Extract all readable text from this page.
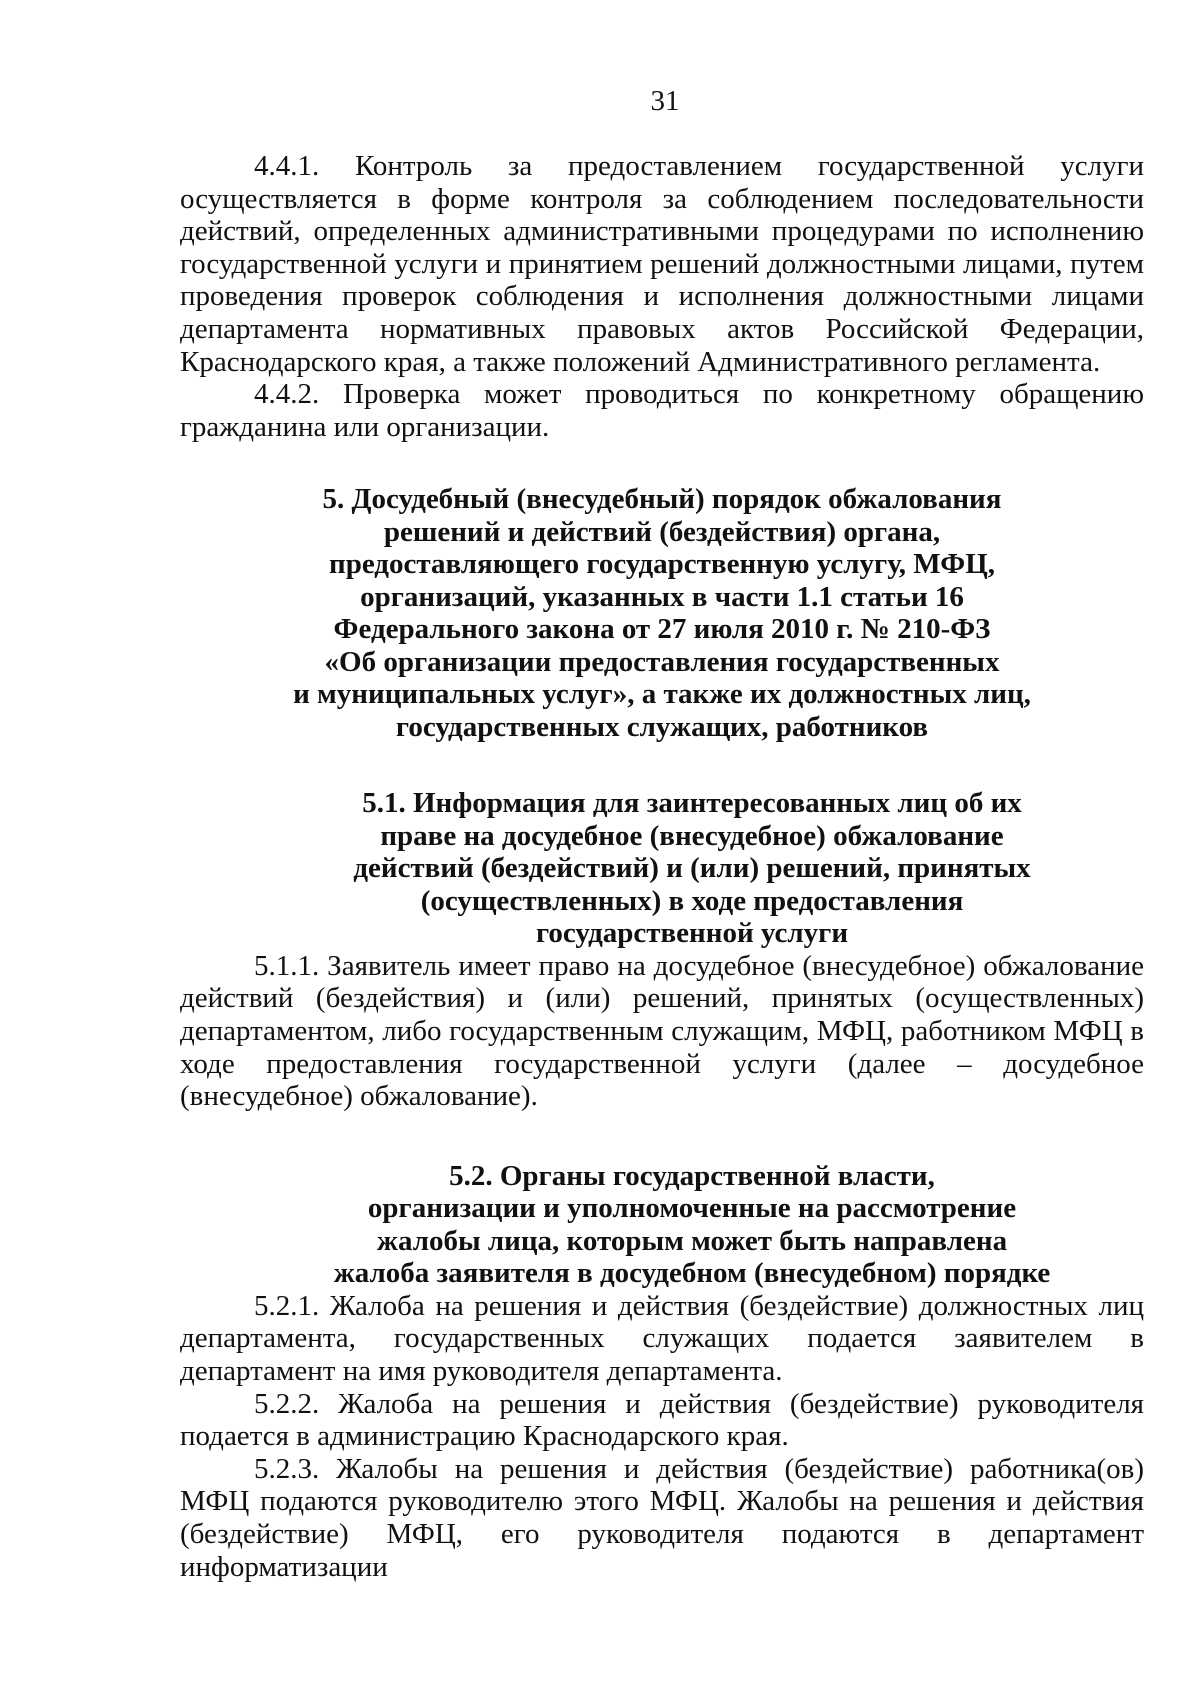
31

4.4.1. Контроль за предоставлением государственной услуги осуществляется в форме контроля за соблюдением последовательности действий, определенных административными процедурами по исполнению государственной услуги и принятием решений должностными лицами, путем проведения проверок соблюдения и исполнения должностными лицами департамента нормативных правовых актов Российской Федерации, Краснодарского края, а также положений Административного регламента.

4.4.2. Проверка может проводиться по конкретному обращению гражданина или организации.

5. Досудебный (внесудебный) порядок обжалования
решений и действий (бездействия) органа,
предоставляющего государственную услугу, МФЦ,
организаций, указанных в части 1.1 статьи 16
Федерального закона от 27 июля 2010 г. № 210-ФЗ
«Об организации предоставления государственных
и муниципальных услуг», а также их должностных лиц,
государственных служащих, работников
5.1. Информация для заинтересованных лиц об их
праве на досудебное (внесудебное) обжалование
действий (бездействий) и (или) решений, принятых
(осуществленных) в ходе предоставления
государственной услуги

5.1.1. Заявитель имеет право на досудебное (внесудебное) обжалование действий (бездействия) и (или) решений, принятых (осуществленных) департаментом, либо государственным служащим, МФЦ, работником МФЦ в ходе предоставления государственной услуги (далее – досудебное (внесудебное) обжалование).

5.2. Органы государственной власти,
организации и уполномоченные на рассмотрение
жалобы лица, которым может быть направлена
жалоба заявителя в досудебном (внесудебном) порядке

5.2.1. Жалоба на решения и действия (бездействие) должностных лиц департамента, государственных служащих подается заявителем в департамент на имя руководителя департамента.

5.2.2. Жалоба на решения и действия (бездействие) руководителя подается в администрацию Краснодарского края.

5.2.3. Жалобы на решения и действия (бездействие) работника(ов) МФЦ подаются руководителю этого МФЦ. Жалобы на решения и действия (бездействие) МФЦ, его руководителя подаются в департамент информатизации
